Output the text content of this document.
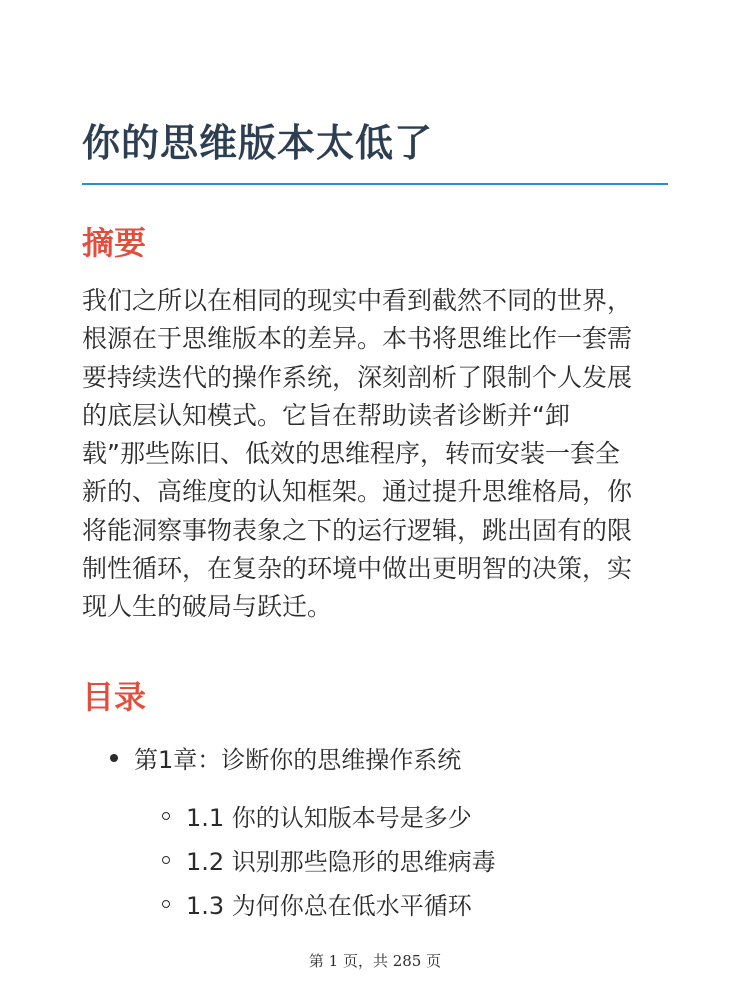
你的思维版本太低了
摘要

我们之所以在相同的现实中看到截然不同的世界，
根源在于思维版本的差异。本书将思维比作一套需
要持续迭代的操作系统，深刻剖析了限制个人发展
的底层认知模式。它旨在帮助读者诊断并“卸
载”那些陈旧、低效的思维程序，转而安装一套全
新的、高维度的认知框架。通过提升思维格局，你
将能洞察事物表象之下的运行逻辑，跳出固有的限
制性循环，在复杂的环境中做出更明智的决策，实
现人生的破局与跃迁。

目录
第1章：诊断你的思维操作系统
1.1 你的认知版本号是多少
1.2 识别那些隐形的思维病毒
1.3 为何你总在低水平循环
第 1 页，共 285 页
